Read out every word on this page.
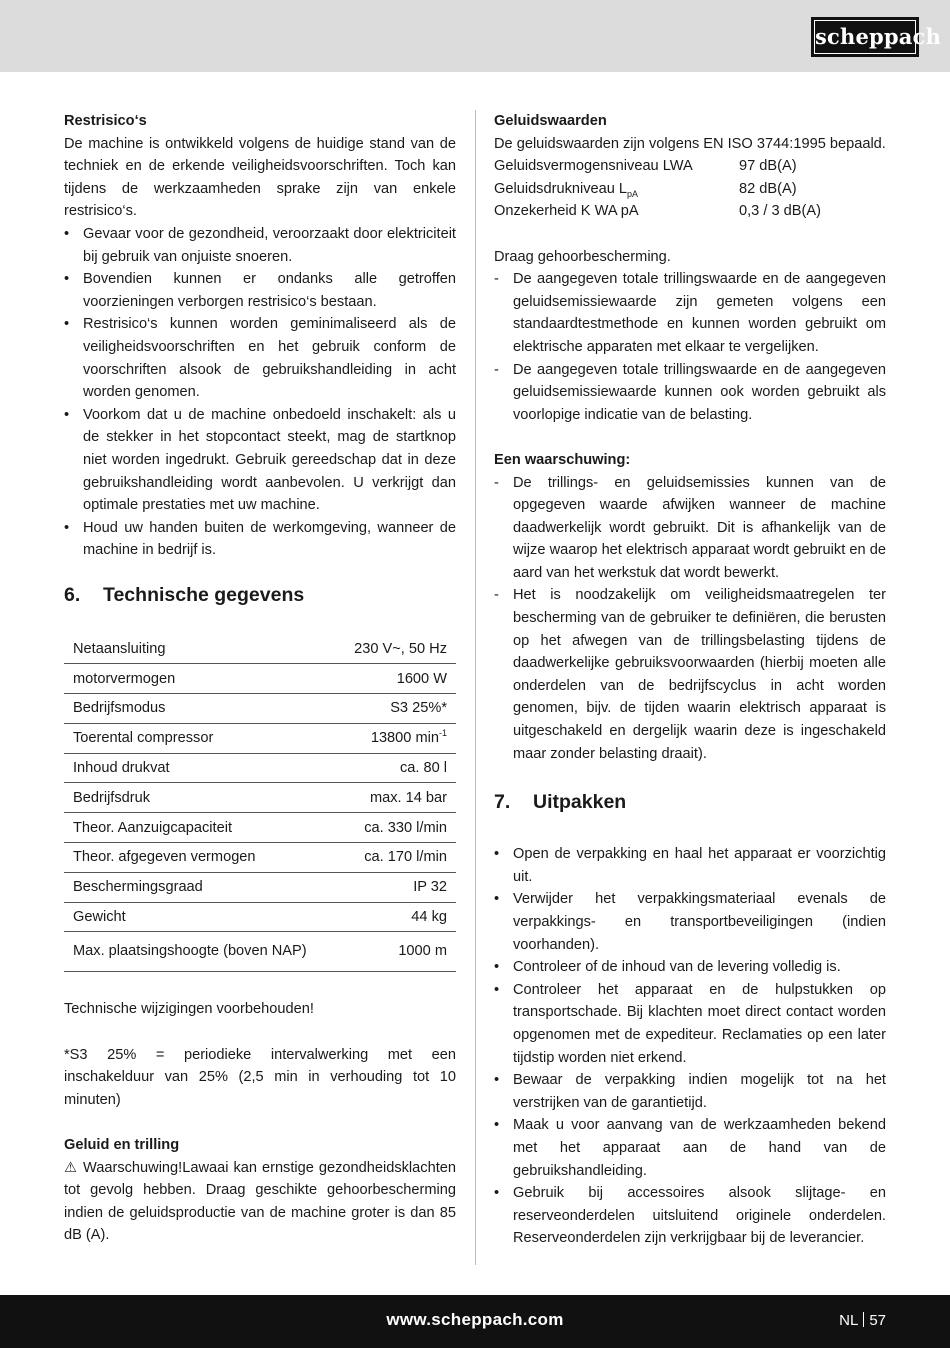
scheppach

Restrisico‘s

De machine is ontwikkeld volgens de huidige stand van de techniek en de erkende veiligheidsvoorschriften. Toch kan tijdens de werkzaamheden sprake zijn van enkele restrisico‘s.

• Gevaar voor de gezondheid, veroorzaakt door elektriciteit bij gebruik van onjuiste snoeren.
• Bovendien kunnen er ondanks alle getroffen voorzieningen verborgen restrisico‘s bestaan.
• Restrisico‘s kunnen worden geminimaliseerd als de veiligheidsvoorschriften en het gebruik conform de voorschriften alsook de gebruikshandleiding in acht worden genomen.
• Voorkom dat u de machine onbedoeld inschakelt: als u de stekker in het stopcontact steekt, mag de startknop niet worden ingedrukt. Gebruik gereedschap dat in deze gebruikshandleiding wordt aanbevolen. U verkrijgt dan optimale prestaties met uw machine.
• Houd uw handen buiten de werkomgeving, wanneer de machine in bedrijf is.
6. Technische gegevens
Netaansluiting	230 V~, 50 Hz
motorvermogen	1600 W
Bedrijfsmodus	S3 25%*
Toerental compressor	13800 $\min^{-1}$
Inhoud drukvat	ca. 80 l
Bedrijfsdruk	max. 14 bar
Theor. Aanzuigcapaciteit	ca. 330 l/min
Theor. afgegeven vermogen	ca. 170 l/min
Beschermingsgraad	IP 32
Gewicht	44 kg
Max. plaatsingshoogte (boven NAP)	1000 m

Technische wijzigingen voorbehouden!

*S3 25% = periodieke intervalwerking met een inschakelduur van 25% (2,5 min in verhouding tot 10 minuten)

Geluid en trilling

⚠ Waarschuwing!Lawaai kan ernstige gezondheidsklachten tot gevolg hebben. Draag geschikte gehoorbescherming indien de geluidsproductie van de machine groter is dan 85 dB (A).

Geluidswaarden

De geluidswaarden zijn volgens EN ISO 3744:1995 bepaald.

Geluidsvermogensniveau LWA	97 dB(A)
Geluidsdrukniveau $L_{pA}$	82 dB(A)
Onzekerheid K WA pA	0,3 / 3 dB(A)

Draag gehoorbescherming.

- De aangegeven totale trillingswaarde en de aangegeven geluidsemissiewaarde zijn gemeten volgens een standaardtestmethode en kunnen worden gebruikt om elektrische apparaten met elkaar te vergelijken.
- De aangegeven totale trillingswaarde en de aangegeven geluidsemissiewaarde kunnen ook worden gebruikt als voorlopige indicatie van de belasting.

Een waarschuwing:

- De trillings- en geluidsemissies kunnen van de opgegeven waarde afwijken wanneer de machine daadwerkelijk wordt gebruikt. Dit is afhankelijk van de wijze waarop het elektrisch apparaat wordt gebruikt en de aard van het werkstuk dat wordt bewerkt.
- Het is noodzakelijk om veiligheidsmaatregelen ter bescherming van de gebruiker te definiëren, die berusten op het afwegen van de trillingsbelasting tijdens de daadwerkelijke gebruiksvoorwaarden (hierbij moeten alle onderdelen van de bedrijfscyclus in acht worden genomen, bijv. de tijden waarin elektrisch apparaat is uitgeschakeld en dergelijk waarin deze is ingeschakeld maar zonder belasting draait).
7. Uitpakken
• Open de verpakking en haal het apparaat er voorzichtig uit.
• Verwijder het verpakkingsmateriaal evenals de verpakkings- en transportbeveiligingen (indien voorhanden).
• Controleer of de inhoud van de levering volledig is.
• Controleer het apparaat en de hulpstukken op transportschade. Bij klachten moet direct contact worden opgenomen met de expediteur. Reclamaties op een later tijdstip worden niet erkend.
• Bewaar de verpakking indien mogelijk tot na het verstrijken van de garantietijd.
• Maak u voor aanvang van de werkzaamheden bekend met het apparaat aan de hand van de gebruikshandleiding.
• Gebruik bij accessoires alsook slijtage- en reserveonderdelen uitsluitend originele onderdelen. Reserveonderdelen zijn verkrijgbaar bij de leverancier.
www.scheppach.com	NL 57
